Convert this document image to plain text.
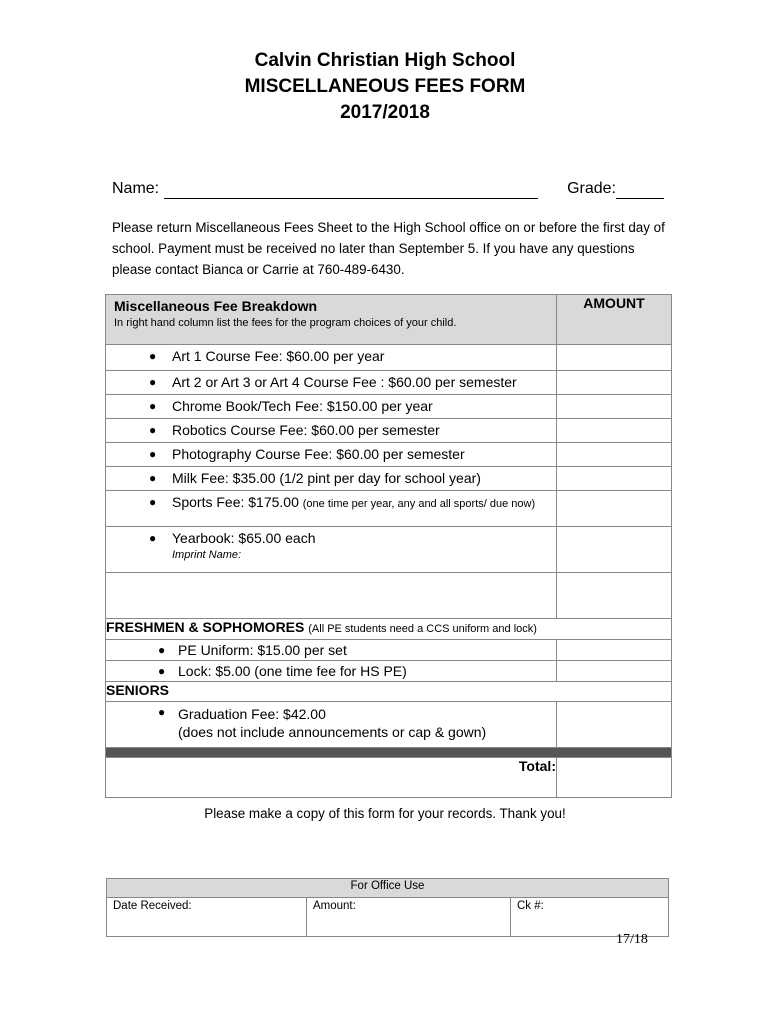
Calvin Christian High School
MISCELLANEOUS FEES FORM
2017/2018
Name:	Grade:
Please return Miscellaneous Fees Sheet to the High School office on or before the first day of school. Payment must be received no later than September 5. If you have any questions please contact Bianca or Carrie at 760-489-6430.
Miscellaneous Fee Breakdown
In right hand column list the fees for the program choices of your child.	AMOUNT

● Art 1 Course Fee: $60.00 per year	

● Art 2 or Art 3 or Art 4 Course Fee : $60.00 per semester	

● Chrome Book/Tech Fee: $150.00 per year	

● Robotics Course Fee: $60.00 per semester	

● Photography Course Fee: $60.00 per semester	

● Milk Fee: $35.00 (1/2 pint per day for school year)	

● Sports Fee: $175.00 (one time per year, any and all sports/ due now)	

● Yearbook: $65.00 each
Imprint Name:	

FRESHMEN & SOPHOMORES (All PE students need a CCS uniform and lock)	

● PE Uniform: $15.00 per set	

● Lock: $5.00 (one time fee for HS PE)	

SENIORS	

● Graduation Fee: $42.00
(does not include announcements or cap & gown)	

Total:	
Please make a copy of this form for your records. Thank you!
For Office Use
Date Received:	Amount:	Ck #:
17/18
